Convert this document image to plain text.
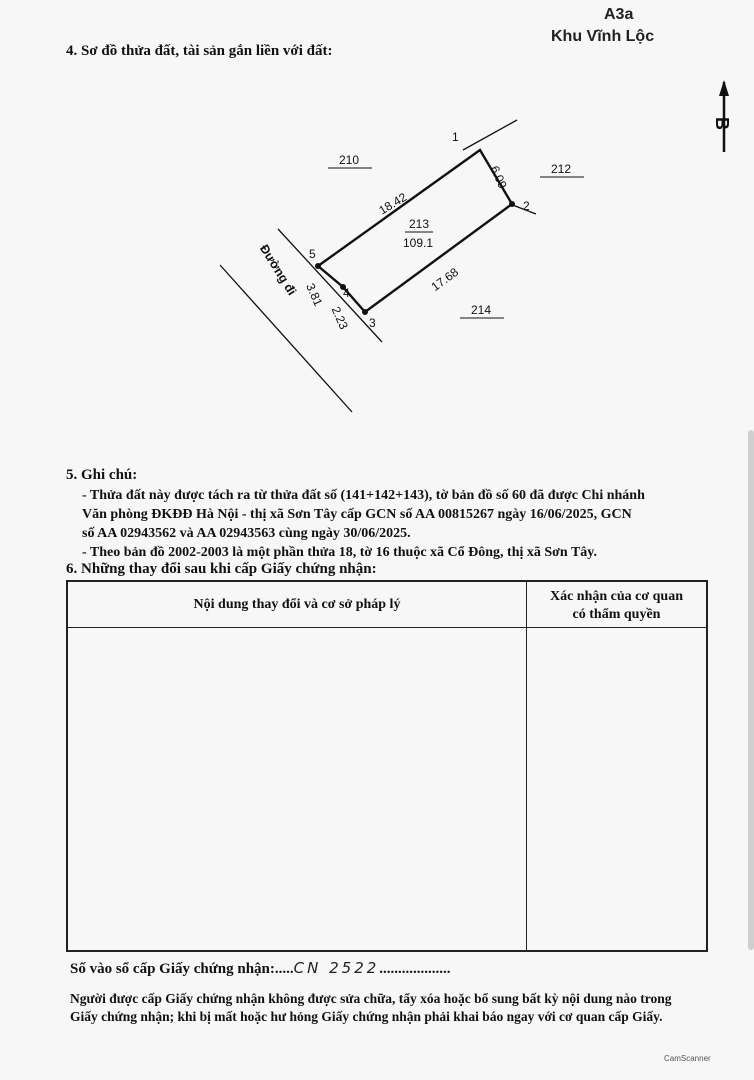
A3a
Khu Vĩnh Lộc
4. Sơ đồ thửa đất, tài sản gắn liền với đất:
B
1
2
3
4
5
18.42
6.09
17.68
3.81
2.23
213
109.1
210
212
214
Đường đi
5. Ghi chú:
- Thửa đất này được tách ra từ thửa đất số (141+142+143), tờ bản đồ số 60 đã được Chi nhánh
Văn phòng ĐKĐĐ Hà Nội - thị xã Sơn Tây cấp GCN số AA 00815267 ngày 16/06/2025, GCN
số AA 02943562 và AA 02943563 cùng ngày 30/06/2025.
- Theo bản đồ 2002-2003 là một phần thửa 18, tờ 16 thuộc xã Cổ Đông, thị xã Sơn Tây.
6. Những thay đổi sau khi cấp Giấy chứng nhận:
Nội dung thay đổi và cơ sở pháp lý	Xác nhận của cơ quan
có thẩm quyền

Số vào sổ cấp Giấy chứng nhận:.....CN 2522...................
Người được cấp Giấy chứng nhận không được sửa chữa, tẩy xóa hoặc bổ sung bất kỳ nội dung nào trong
Giấy chứng nhận; khi bị mất hoặc hư hỏng Giấy chứng nhận phải khai báo ngay với cơ quan cấp Giấy.
CamScanner
